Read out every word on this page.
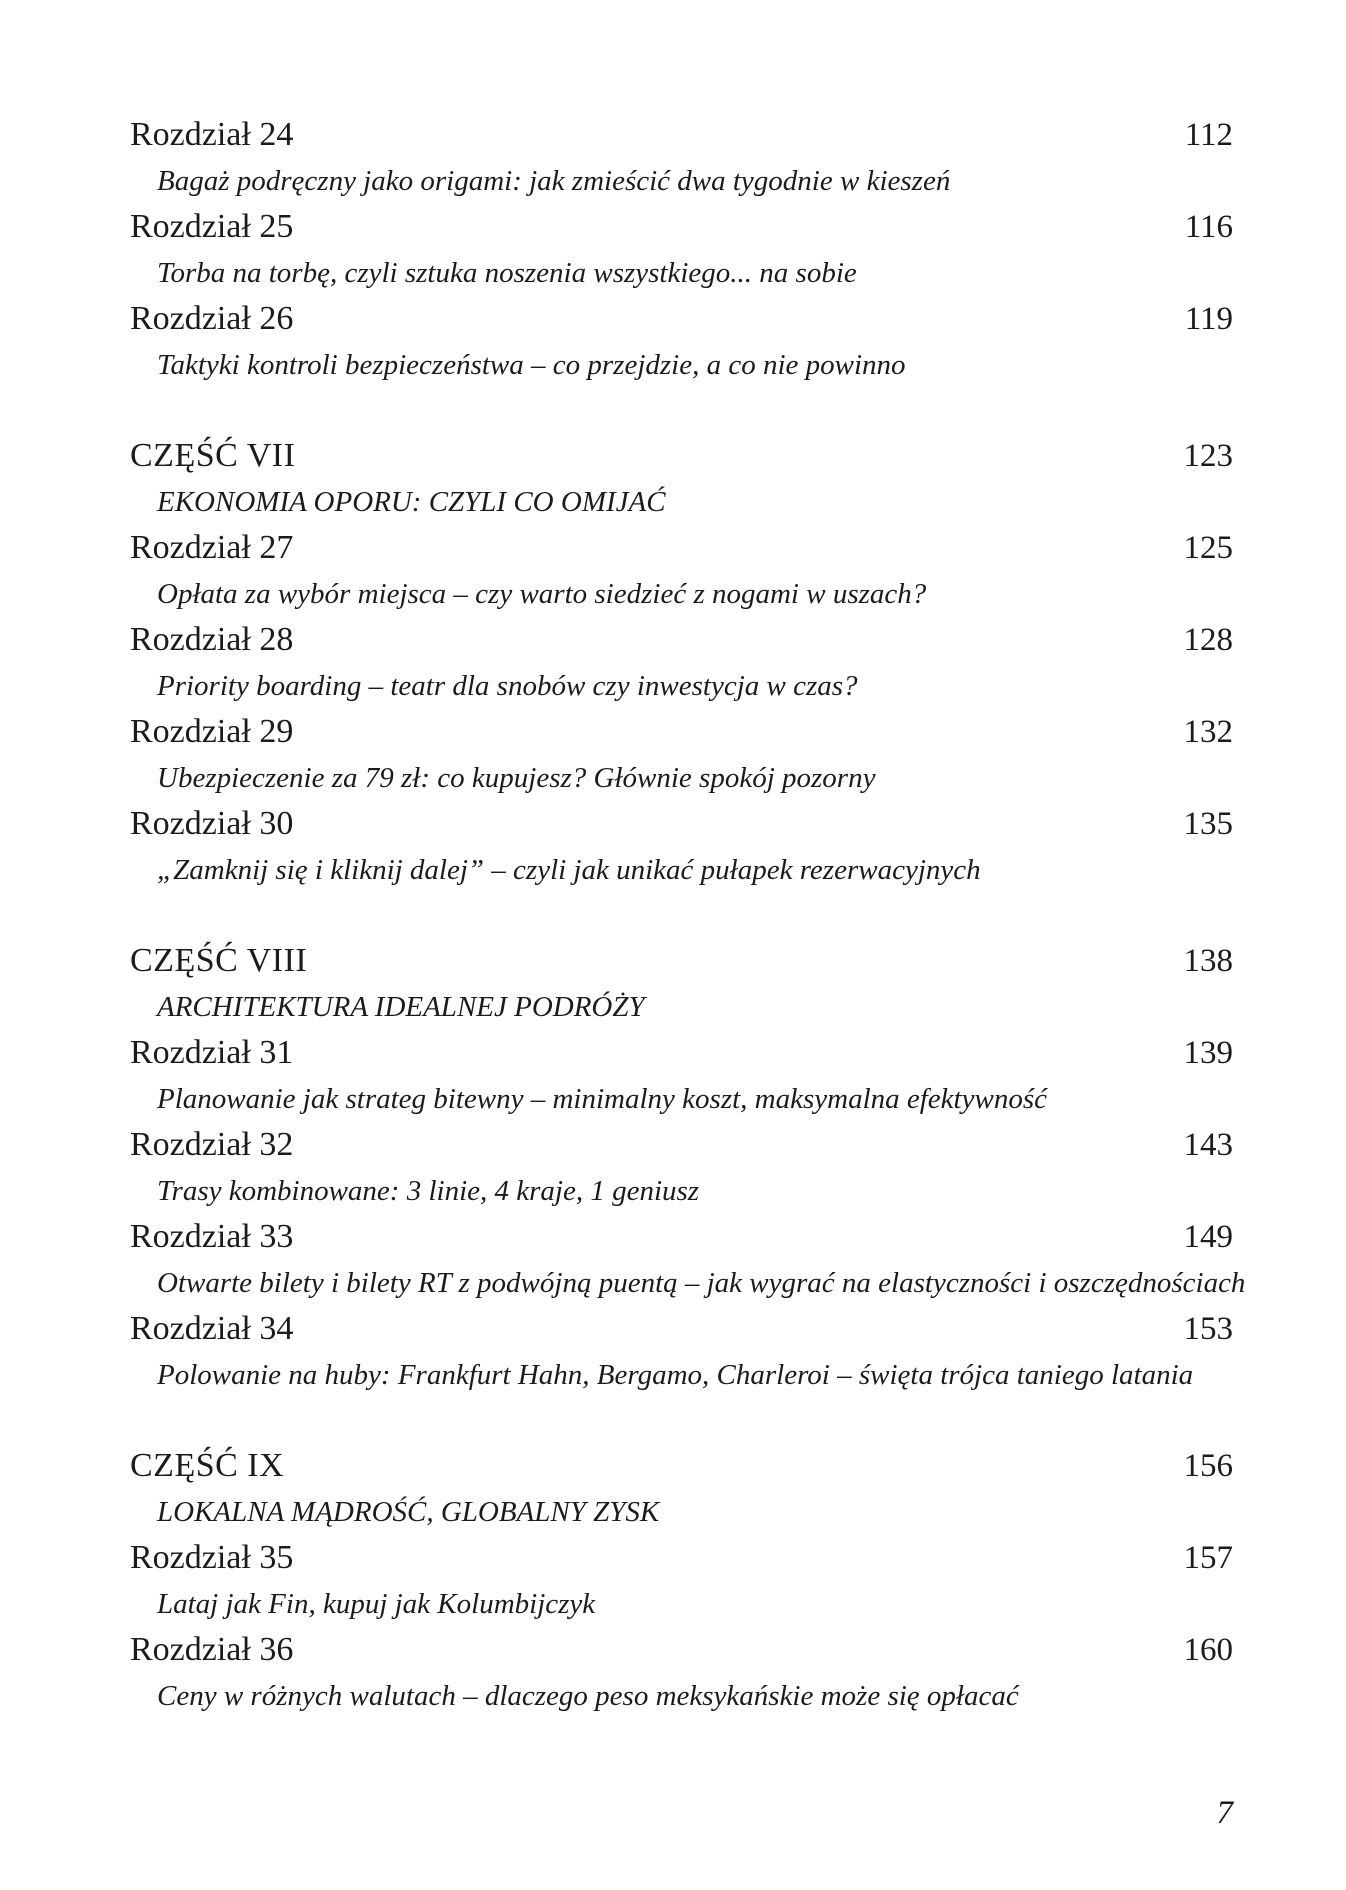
Rozdział 24	112
Bagaż podręczny jako origami: jak zmieścić dwa tygodnie w kieszeń
Rozdział 25	116
Torba na torbę, czyli sztuka noszenia wszystkiego... na sobie
Rozdział 26	119
Taktyki kontroli bezpieczeństwa – co przejdzie, a co nie powinno
CZĘŚĆ VII	123
EKONOMIA OPORU: CZYLI CO OMIJAĆ
Rozdział 27	125
Opłata za wybór miejsca – czy warto siedzieć z nogami w uszach?
Rozdział 28	128
Priority boarding – teatr dla snobów czy inwestycja w czas?
Rozdział 29	132
Ubezpieczenie za 79 zł: co kupujesz? Głównie spokój pozorny
Rozdział 30	135
„Zamknij się i kliknij dalej” – czyli jak unikać pułapek rezerwacyjnych
CZĘŚĆ VIII	138
ARCHITEKTURA IDEALNEJ PODRÓŻY
Rozdział 31	139
Planowanie jak strateg bitewny – minimalny koszt, maksymalna efektywność
Rozdział 32	143
Trasy kombinowane: 3 linie, 4 kraje, 1 geniusz
Rozdział 33	149
Otwarte bilety i bilety RT z podwójną puentą – jak wygrać na elastyczności i oszczędnościach
Rozdział 34	153
Polowanie na huby: Frankfurt Hahn, Bergamo, Charleroi – święta trójca taniego latania
CZĘŚĆ IX	156
LOKALNA MĄDROŚĆ, GLOBALNY ZYSK
Rozdział 35	157
Lataj jak Fin, kupuj jak Kolumbijczyk
Rozdział 36	160
Ceny w różnych walutach – dlaczego peso meksykańskie może się opłacać
7
